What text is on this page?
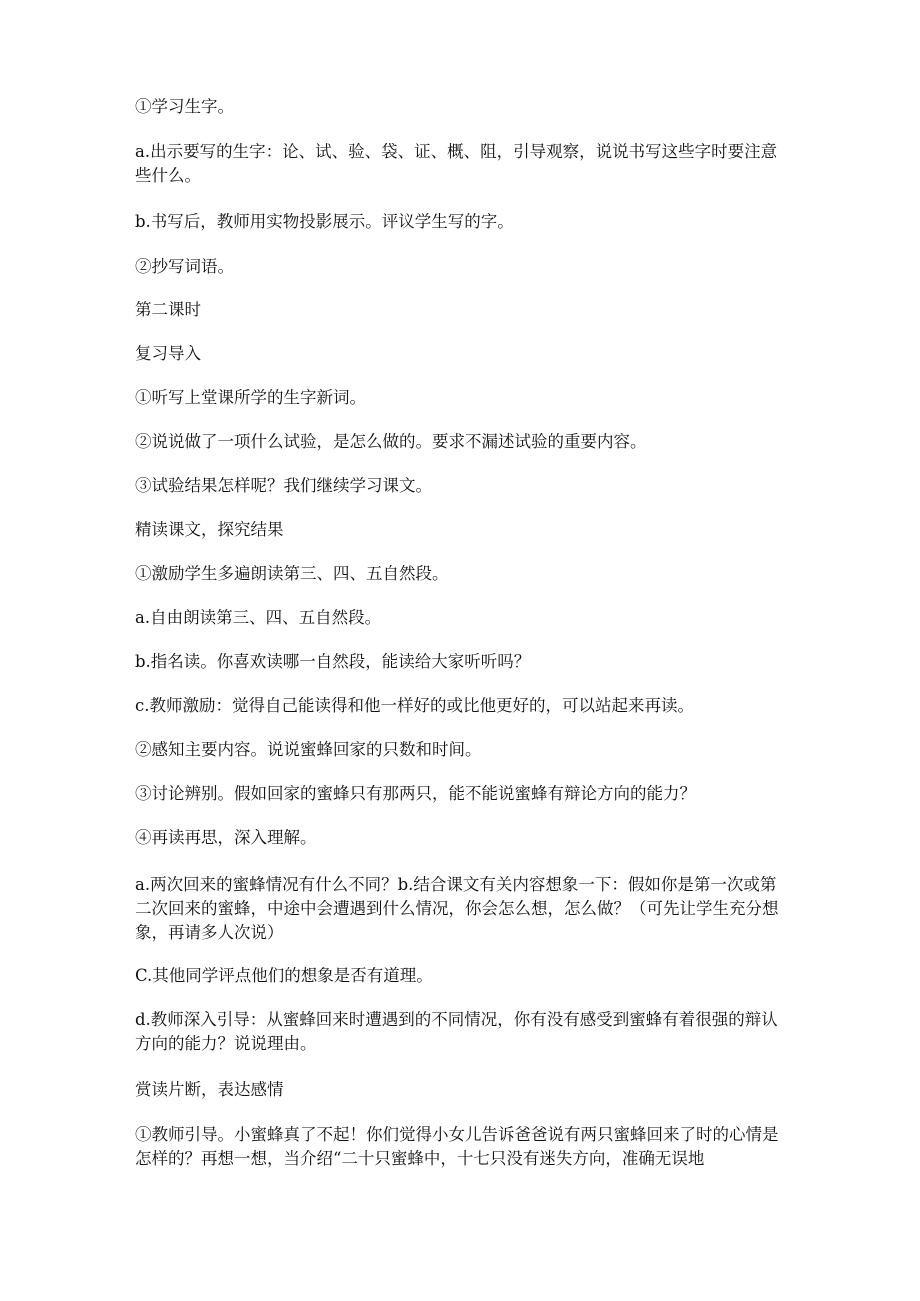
①学习生字。

a.出示要写的生字：论、试、验、袋、证、概、阻，引导观察，说说书写这些字时要注意些什么。

b.书写后，教师用实物投影展示。评议学生写的字。

②抄写词语。

第二课时

复习导入

①听写上堂课所学的生字新词。

②说说做了一项什么试验，是怎么做的。要求不漏述试验的重要内容。

③试验结果怎样呢？我们继续学习课文。

精读课文，探究结果

①激励学生多遍朗读第三、四、五自然段。

a.自由朗读第三、四、五自然段。

b.指名读。你喜欢读哪一自然段，能读给大家听听吗？

c.教师激励：觉得自己能读得和他一样好的或比他更好的，可以站起来再读。

②感知主要内容。说说蜜蜂回家的只数和时间。

③讨论辨别。假如回家的蜜蜂只有那两只，能不能说蜜蜂有辩论方向的能力？

④再读再思，深入理解。

a.两次回来的蜜蜂情况有什么不同？b.结合课文有关内容想象一下：假如你是第一次或第二次回来的蜜蜂，中途中会遭遇到什么情况，你会怎么想，怎么做？（可先让学生充分想象，再请多人次说）

C.其他同学评点他们的想象是否有道理。

d.教师深入引导：从蜜蜂回来时遭遇到的不同情况，你有没有感受到蜜蜂有着很强的辩认方向的能力？说说理由。

赏读片断，表达感情

①教师引导。小蜜蜂真了不起！你们觉得小女儿告诉爸爸说有两只蜜蜂回来了时的心情是怎样的？再想一想，当介绍“二十只蜜蜂中，十七只没有迷失方向，准确无误地
